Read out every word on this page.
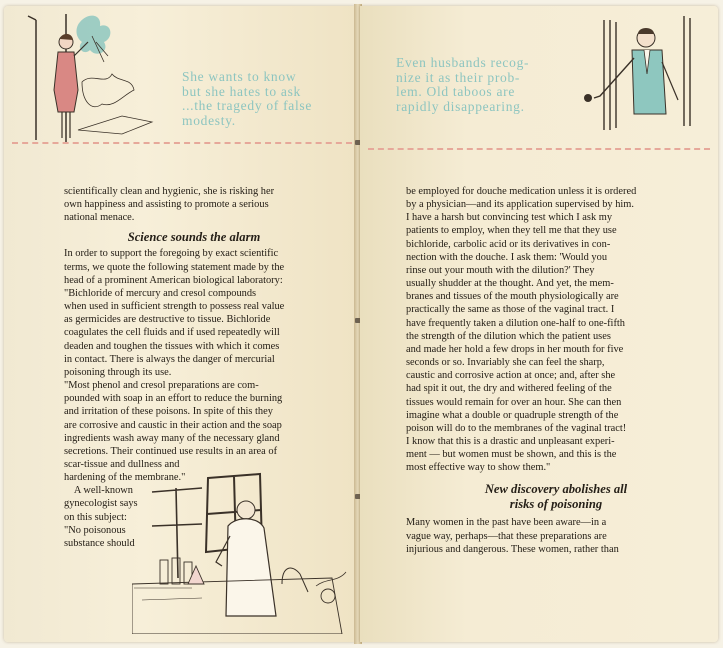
She wants to know
but she hates to ask
...the tragedy of false
modesty.

scientifically clean and hygienic, she is risking her
own happiness and assisting to promote a serious
national menace.

Science sounds the alarm

In order to support the foregoing by exact scientific
terms, we quote the following statement made by the
head of a prominent American biological laboratory:

"Bichloride of mercury and cresol compounds
when used in sufficient strength to possess real value
as germicides are destructive to tissue. Bichloride
coagulates the cell fluids and if used repeatedly will
deaden and toughen the tissues with which it comes
in contact. There is always the danger of mercurial
poisoning through its use.

"Most phenol and cresol preparations are com-
pounded with soap in an effort to reduce the burning
and irritation of these poisons. In spite of this they
are corrosive and caustic in their action and the soap
ingredients wash away many of the necessary gland
secretions. Their continued use results in an area of
scar-tissue and dullness and
hardening of the membrane."

A well-known
gynecologist says
on this subject:
"No poisonous
substance should

Even husbands recog-
nize it as their prob-
lem. Old taboos are
rapidly disappearing.

be employed for douche medication unless it is ordered
by a physician—and its application supervised by him.
I have a harsh but convincing test which I ask my
patients to employ, when they tell me that they use
bichloride, carbolic acid or its derivatives in con-
nection with the douche. I ask them: 'Would you
rinse out your mouth with the dilution?' They
usually shudder at the thought. And yet, the mem-
branes and tissues of the mouth physiologically are
practically the same as those of the vaginal tract. I
have frequently taken a dilution one-half to one-fifth
the strength of the dilution which the patient uses
and made her hold a few drops in her mouth for five
seconds or so. Invariably she can feel the sharp,
caustic and corrosive action at once; and, after she
had spit it out, the dry and withered feeling of the
tissues would remain for over an hour. She can then
imagine what a double or quadruple strength of the
poison will do to the membranes of the vaginal tract!
I know that this is a drastic and unpleasant experi-
ment — but women must be shown, and this is the
most effective way to show them."

New discovery abolishes all
risks of poisoning

Many women in the past have been aware—in a
vague way, perhaps—that these preparations are
injurious and dangerous. These women, rather than
